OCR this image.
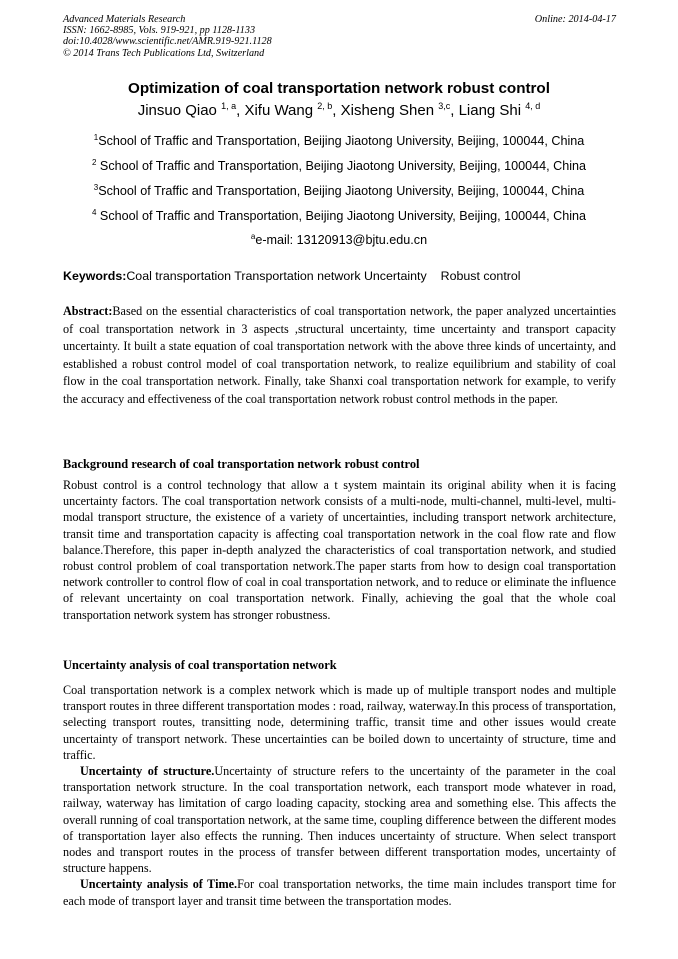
Advanced Materials Research
ISSN: 1662-8985, Vols. 919-921, pp 1128-1133
doi:10.4028/www.scientific.net/AMR.919-921.1128
© 2014 Trans Tech Publications Ltd, Switzerland
Online: 2014-04-17
Optimization of coal transportation network robust control
Jinsuo Qiao $^{1, a}$, Xifu Wang $^{2, b}$, Xisheng Shen $^{3,c}$, Liang Shi $^{4, d}$
$^1$School of Traffic and Transportation, Beijing Jiaotong University, Beijing, 100044, China
$^2$ School of Traffic and Transportation, Beijing Jiaotong University, Beijing, 100044, China
$^3$School of Traffic and Transportation, Beijing Jiaotong University, Beijing, 100044, China
$^4$ School of Traffic and Transportation, Beijing Jiaotong University, Beijing, 100044, China
$^a$e-mail: 13120913@bjtu.edu.cn
Keywords:Coal transportation Transportation network Uncertainty Robust control

Abstract:Based on the essential characteristics of coal transportation network, the paper analyzed uncertainties of coal transportation network in 3 aspects ,structural uncertainty, time uncertainty and transport capacity uncertainty. It built a state equation of coal transportation network with the above three kinds of uncertainty, and established a robust control model of coal transportation network, to realize equilibrium and stability of coal flow in the coal transportation network. Finally, take Shanxi coal transportation network for example, to verify the accuracy and effectiveness of the coal transportation network robust control methods in the paper.

Background research of coal transportation network robust control

Robust control is a control technology that allow a t system maintain its original ability when it is facing uncertainty factors. The coal transportation network consists of a multi-node, multi-channel, multi-level, multi-modal transport structure, the existence of a variety of uncertainties, including transport network architecture, transit time and transportation capacity is affecting coal transportation network in the coal flow rate and flow balance.Therefore, this paper in-depth analyzed the characteristics of coal transportation network, and studied robust control problem of coal transportation network.The paper starts from how to design coal transportation network controller to control flow of coal in coal transportation network, and to reduce or eliminate the influence of relevant uncertainty on coal transportation network. Finally, achieving the goal that the whole coal transportation network system has stronger robustness.

Uncertainty analysis of coal transportation network

Coal transportation network is a complex network which is made up of multiple transport nodes and multiple transport routes in three different transportation modes : road, railway, waterway.In this process of transportation, selecting transport routes, transitting node, determining traffic, transit time and other issues would create uncertainty of transport network. These uncertainties can be boiled down to uncertainty of structure, time and traffic.

Uncertainty of structure.Uncertainty of structure refers to the uncertainty of the parameter in the coal transportation network structure. In the coal transportation network, each transport mode whatever in road, railway, waterway has limitation of cargo loading capacity, stocking area and something else. This affects the overall running of coal transportation network, at the same time, coupling difference between the different modes of transportation layer also effects the running. Then induces uncertainty of structure. When select transport nodes and transport routes in the process of transfer between different transportation modes, uncertainty of structure happens.

Uncertainty analysis of Time.For coal transportation networks, the time main includes transport time for each mode of transport layer and transit time between the transportation modes.
